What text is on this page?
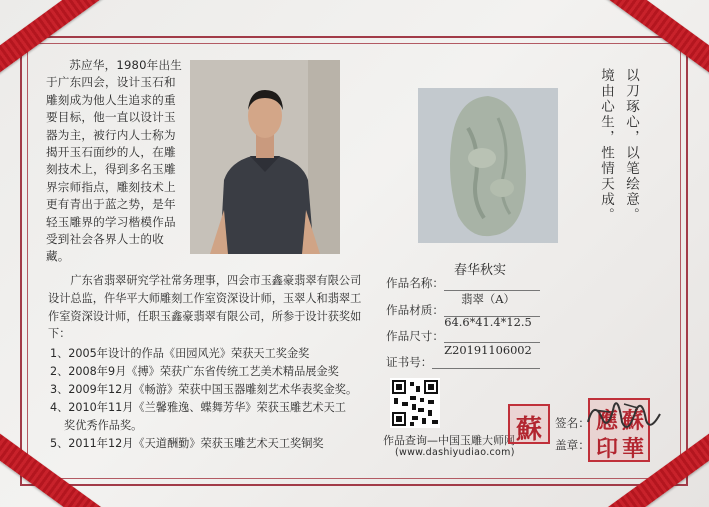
苏应华，1980年出生于广东四会，设计玉石和雕刻成为他人生追求的重要目标，他一直以设计玉器为主，被行内人士称为揭开玉石面纱的人，在雕刻技术上，得到多名玉雕界宗师指点，雕刻技术上更有青出于蓝之势，是年轻玉雕界的学习楷模作品受到社会各界人士的收藏。
广东省翡翠研究学社常务理事，四会市玉鑫豪翡翠有限公司设计总监，仵华平大师雕刻工作室资深设计师，玉翠人和翡翠工作室资深设计师，任职玉鑫豪翡翠有限公司，所参于设计获奖如下：
1、2005年设计的作品《田园风光》荣获天工奖金奖
2、2008年9月《搏》荣获广东省传统工艺美术精品展金奖
3、2009年12月《畅游》荣获中国玉器雕刻艺术华表奖金奖。
4、2010年11月《兰馨雅逸、蝶舞芳华》荣获玉雕艺术天工
奖优秀作品奖。
5、2011年12月《天道酬勤》荣获玉雕艺术天工奖铜奖
以刀琢心，以笔绘意。
境由心生，性情天成。
春华秋实
作品名称：
作品材质：
翡翠（A）
作品尺寸：
64.6*41.4*12.5
证书号：
Z20191106002
作品查询—中国玉雕大师网
(www.dashiyudiao.com)
蘇 签名：
盖章：
應 蘇
印 華
